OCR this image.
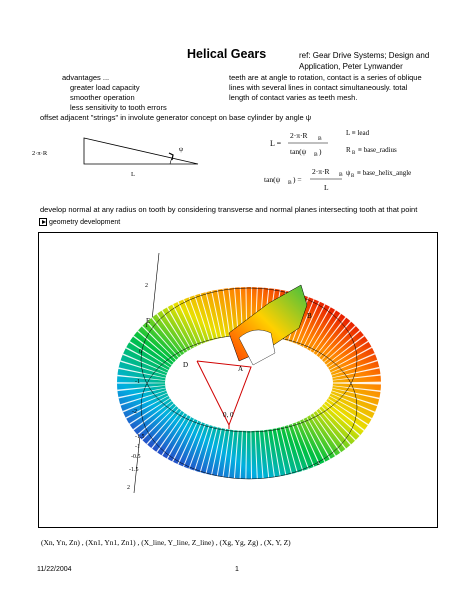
Helical Gears	ref: Gear Drive Systems; Design and
Application, Peter Lynwander
advantages ...
greater load capacity
smoother operation
less sensitivity to tooth errors
teeth are at angle to rotation, contact is a series of oblique
lines with several lines in contact simultaneously. total
length of contact varies as teeth mesh.
offset adjacent "strings" in involute generator concept on base cylinder by angle ψ
2·π·R
ψ
L
L =
2·π·R B
tan(ψ B )
tan(ψ B ) =
2·π·R B
L
L ≡ lead
R B ≡ base_radius
ψ B ≡ base_helix_angle
develop normal at any radius on tooth by considering transverse and normal planes intersecting tooth at that point
geometry development
B
E
D	A
0, 0
2
1
0
-1
-2
-1.5
-1
-0.5
-1.5
2
2
(Xn, Yn, Zn) , (Xn1, Yn1, Zn1) , (X_line, Y_line, Z_line) , (Xg, Yg, Zg) , (X, Y, Z)
11/22/2004	1
